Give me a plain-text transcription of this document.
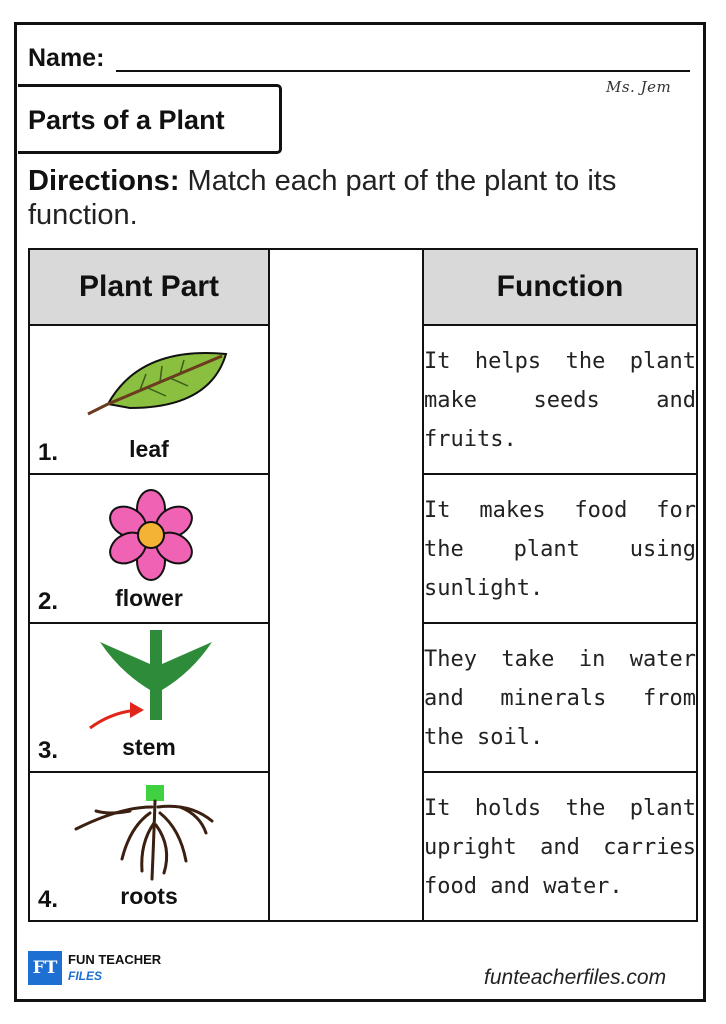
Name:
Ms. Jem
Parts of a Plant
Directions: Match each part of the plant to its function.
Plant Part		Function

1. leaf		It helps the plant make seeds and fruits.

2. flower		It makes food for the plant using sunlight.

3. stem		They take in water and minerals from the soil.

4. roots		It holds the plant upright and carries food and water.
FT FUN TEACHER
FILES	funteacherfiles.com
